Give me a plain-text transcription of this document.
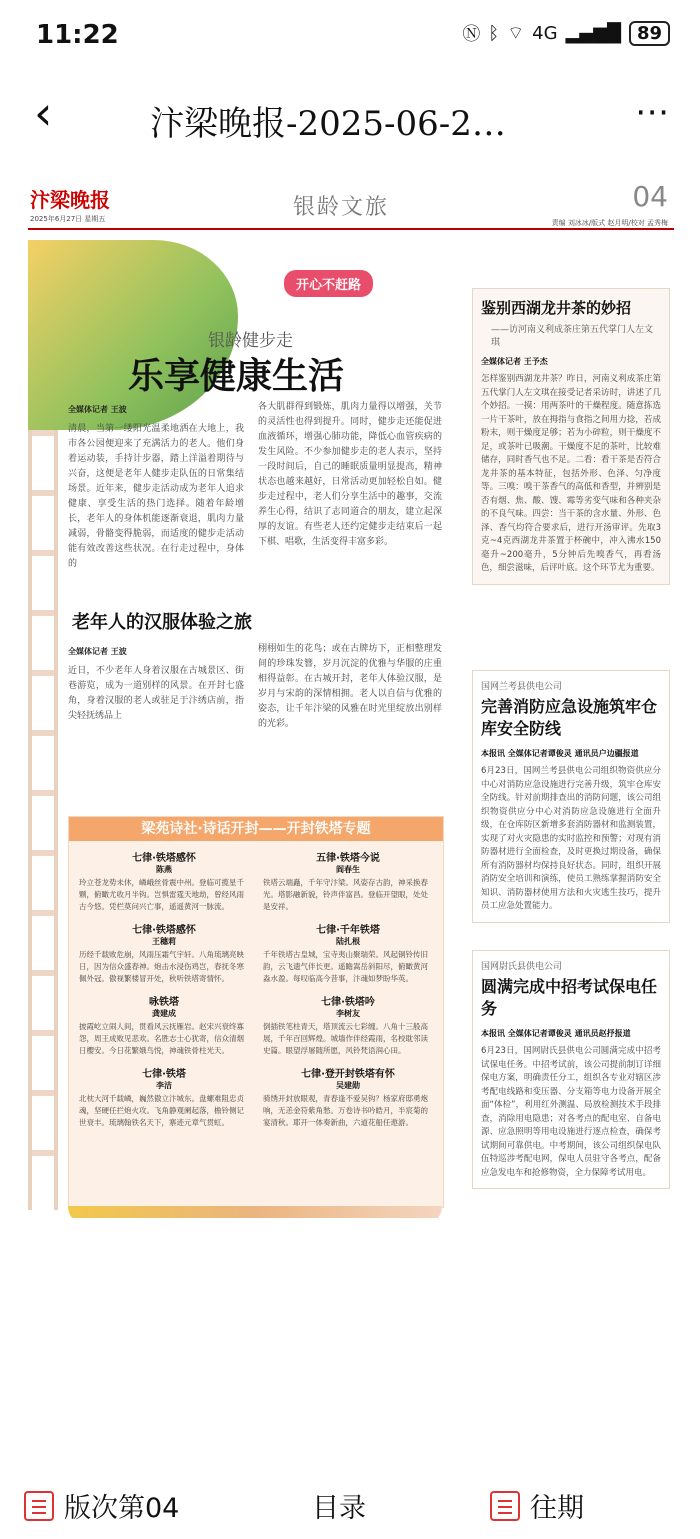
11:22	Ⓝ ᛒ ⌔ 4G ▂▄▆█ 89
‹	汴梁晚报-2025-06-2…	⋯
汴梁晚报
2025年6月27日 星期五	银龄文旅	04
责编 刘冰冰/版式 赵月明/校对 孟秀梅
开心不赶路
银龄健步走
乐享健康生活
全媒体记者 王波
清晨，当第一缕阳光温柔地洒在大地上，我市各公园便迎来了充满活力的老人。他们身着运动装，手持计步器，踏上洋溢着期待与兴奋，这便是老年人健步走队伍的日常集结场景。近年来，健步走活动成为老年人追求健康、享受生活的热门选择。随着年龄增长，老年人的身体机能逐渐衰退，肌肉力量减弱，骨骼变得脆弱，而适度的健步走活动能有效改善这些状况。在行走过程中，身体的
各大肌群得到锻炼，肌肉力量得以增强，关节的灵活性也得到提升。同时，健步走还能促进血液循环，增强心肺功能，降低心血管疾病的发生风险。不少参加健步走的老人表示，坚持一段时间后，自己的睡眠质量明显提高，精神状态也越来越好，日常活动更加轻松自如。健步走过程中，老人们分享生活中的趣事，交流养生心得，结识了志同道合的朋友，建立起深厚的友谊。有些老人还约定健步走结束后一起下棋、唱歌，生活变得丰富多彩。
老年人的汉服体验之旅
全媒体记者 王波
近日，不少老年人身着汉服在古城景区、街巷游览，成为一道别样的风景。在开封七盛角，身着汉服的老人或驻足于汴绣店前，指尖轻抚绣品上
栩栩如生的花鸟；或在古牌坊下，正相整理发间的珍珠发簪，岁月沉淀的优雅与华服的庄重相得益彰。在古城开封，老年人体验汉服，是岁月与宋韵的深情相拥。老人以自信与优雅的姿态，让千年汴梁的风雅在时光里绽放出别样的光彩。
梁苑诗社·诗话开封——开封铁塔专题
七律·铁塔感怀
陈燕
玲立苍龙势未休，嶙峨丝骨震中州。登临可揽星千颗，俯瞰尤收月半钩。岂惧雷霆天地劫，曾经风雨古今悠。凭栏莫问兴亡事，遥遥黄河一脉流。
五律·铁塔今说
阎春生
铁塔云端矗，千年守汴梁。风姿存古韵，神采换春光。塔影融新貌，铃声伴富昌。登临开望眼，处处是安祥。
七律·铁塔感怀
王穗莉
历经千载败危崩，风雨压霜气宇轩。八角琉璃亮映日，因为信众盛春神。炮击水浸伤鸡岂，春抚冬寒佩外冠。傲视繁楼冒开处，秋听铁塔寄情怀。
七律·千年铁塔
陆扎根
千年铁塔古皇城，宝寺夷山聚瑞荣。风起铜铃传旧韵，云飞遗气伴长更。遥瞻嵩岳斜阳尽，俯瞰黄河淼水盈。每叹临高今昔事，汴魂如梦盼华英。
咏铁塔
龚建成
披霞屹立闹人间，贯看风云抚雁岩。赵宋兴衰终寡怨，周王成败见悲欢。名胜志士心犹寄，信众清烟日樱安。今日花繁娥鸟悦，神魂铁骨柱光天。
七律·铁塔吟
李树友
倒插铁笔柱青天，塔顶流云七彩缠。八角十三般高展，千年百回辉煌。城墙作伴经霞雨，名校耽邻读史篇。眼望浮屠随所愿，风铃梵语润心田。
七律·铁塔
李洁
北枕大河千载嶙，巍然傲立汴城东。盘螺难阻忠贞魂，坚硬任拦炮火攻。飞角静观阑起落，檐铃侧记世衰丰。琉璃翰铁名天下，寨迹元章气贯虹。
七律·登开封铁塔有怀
吴建勋
骑绣开封放眼观，青春逢不爱吴钩？杨家府邸勇炮响，无恙金符紫角愁。万卷诗书吟皓月，半宸菊的宴清秋。耶开一体奏新曲，六道花船任遨游。
鉴别西湖龙井茶的妙招
——访河南义利成茶庄第五代掌门人左文琪
全媒体记者 王予杰
怎样鉴别西湖龙井茶？昨日，河南义利成茶庄第五代掌门人左文琪在接受记者采访时，讲述了几个妙招。一摸：用两茶叶的干燥程度。随意拣选一片干茶叶，放在拇指与食指之间用力捻，若成粉末，则干燥度足够；若为小碎粒，则干燥度不足，或茶叶已吸潮。干燥度不足的茶叶，比较难储存，同时香气也不足。二看：看干茶是否符合龙井茶的基本特征，包括外形、色泽、匀净度等。三嗅：嗅干茶香气的高低和香型，并辨别是否有烟、焦、酸、馊、霉等劣变气味和各种夹杂的不良气味。四尝：当干茶的含水量、外形、色泽、香气均符合要求后，进行开汤审评。先取3克~4克西湖龙井茶置于杯碗中，冲入沸水150毫升~200毫升，5分钟后先嗅香气，再看汤色，细尝滋味，后评叶底。这个环节尤为重要。
国网兰考县供电公司
完善消防应急设施筑牢仓库安全防线
本报讯 全媒体记者谭俊灵 通讯员户边疆报道
6月23日，国网兰考县供电公司组织物资供应分中心对消防应急设施进行完善升级，筑牢仓库安全防线。针对前期排查出的消防问题，该公司组织物资供应分中心对消防应急设施进行全面升级，在仓库防区新增多套消防器材和监测装置，实现了对火灾隐患的实时监控和预警；对现有消防器材进行全面检查，及时更换过期设备，确保所有消防器材均保持良好状态。同时，组织开展消防安全培训和演练，使员工熟练掌握消防安全知识、消防器材使用方法和火灾逃生技巧，提升员工应急处置能力。
国网尉氏县供电公司
圆满完成中招考试保电任务
本报讯 全媒体记者谭俊灵 通讯员赵抒报道
6月23日，国网尉氏县供电公司圆满完成中招考试保电任务。中招考试前，该公司提前制订详细保电方案，明确责任分工，组织各专业对辖区涉考配电线路和变压器、分支箱等电力设备开展全面“体检”，利用红外测温、局放检测技术手段排查，消除用电隐患；对各考点的配电室、自备电源、应急照明等用电设施进行逐点检查，确保考试期间可靠供电。中考期间，该公司组织保电队伍特巡涉考配电网，保电人员驻守各考点，配备应急发电车和抢修物资，全力保障考试用电。
版次第04	目录	往期
